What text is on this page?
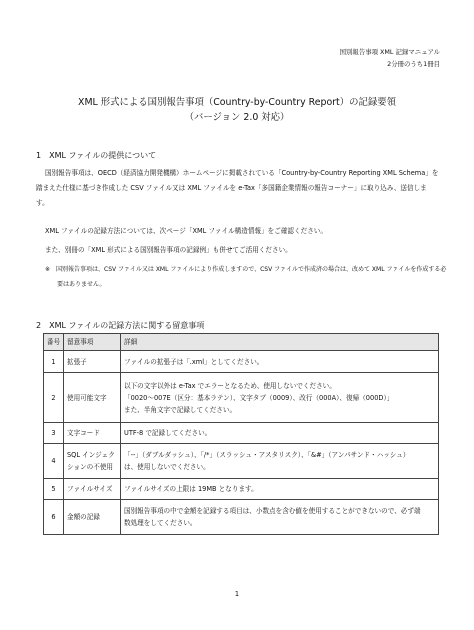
国別報告事項 XML 記録マニュアル
2分冊のうち1冊目
XML 形式による国別報告事項（Country-by-Country Report）の記録要領
（バージョン 2.0 対応）
1　XML ファイルの提供について
国別報告事項は、OECD（経済協力開発機構）ホームページに掲載されている「Country-by-Country Reporting XML Schema」を
踏まえた仕様に基づき作成した CSV ファイル又は XML ファイルを e-Tax「多国籍企業情報の報告コーナー」に取り込み、送信しま
す。
XML ファイルの記録方法については、次ページ「XML ファイル構造情報」をご確認ください。
また、別冊の「XML 形式による国別報告事項の記録例」も併せてご活用ください。
※　国別報告事項は、CSV ファイル又は XML ファイルにより作成しますので、CSV ファイルで作成済の場合は、改めて XML ファイルを作成する必
要はありません。
2　XML ファイルの記録方法に関する留意事項
番号	留意事項	詳細
1	拡張子	ファイルの拡張子は「.xml」としてください。

2	使用可能文字	以下の文字以外は e-Tax でエラーとなるため、使用しないでください。
「0020～007E（区分：基本ラテン）、文字タブ（0009）、改行（000A）、復帰（000D）」
また、半角文字で記録してください。

3	文字コード	UTF-8 で記録してください。

4	SQL インジェクションの不使用	「--」（ダブルダッシュ）、「/*」（スラッシュ・アスタリスク）、「&#」（アンパサンド・ハッシュ）
は、使用しないでください。

5	ファイルサイズ	ファイルサイズの上限は 19MB となります。

6	金額の記録	国別報告事項の中で金額を記録する項目は、小数点を含む値を使用することができないので、必ず端
数処理をしてください。
1
